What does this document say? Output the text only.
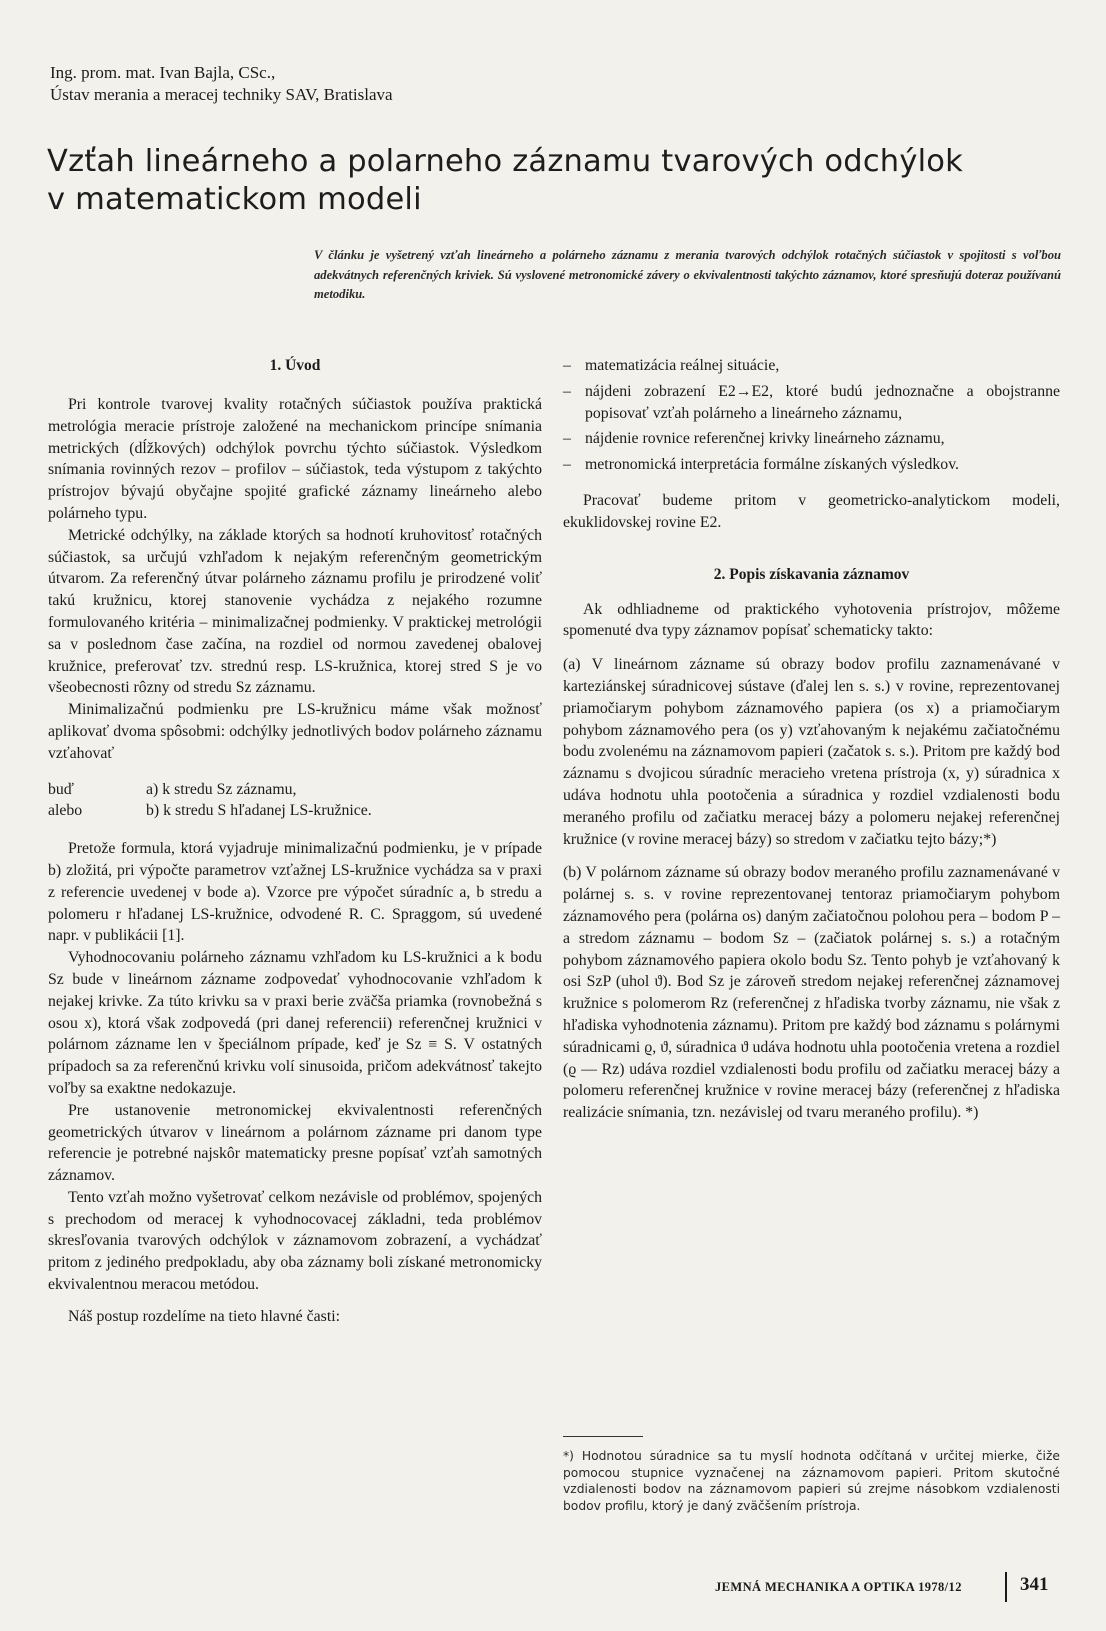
Ing. prom. mat. Ivan Bajla, CSc.,
Ústav merania a meracej techniky SAV, Bratislava
Vzťah lineárneho a polarneho záznamu tvarových odchýlok
v matematickom modeli
V článku je vyšetrený vzťah lineárneho a polárneho záznamu z merania tvarových odchýlok rotačných súčiastok v spojitosti s voľbou adekvátnych referenčných kriviek. Sú vyslovené metronomické závery o ekvivalentnosti takýchto záznamov, ktoré spresňujú doteraz používanú metodiku.
1. Úvod

Pri kontrole tvarovej kvality rotačných súčiastok používa praktická metrológia meracie prístroje založené na mechanickom princípe snímania metrických (dĺžkových) odchýlok povrchu týchto súčiastok. Výsledkom snímania rovinných rezov – profilov – súčiastok, teda výstupom z takýchto prístrojov bývajú obyčajne spojité grafické záznamy lineárneho alebo polárneho typu.

Metrické odchýlky, na základe ktorých sa hodnotí kruhovitosť rotačných súčiastok, sa určujú vzhľadom k nejakým referenčným geometrickým útvarom. Za referenčný útvar polárneho záznamu profilu je prirodzené voliť takú kružnicu, ktorej stanovenie vychádza z nejakého rozumne formulovaného kritéria – minimalizačnej podmienky. V praktickej metrológii sa v poslednom čase začína, na rozdiel od normou zavedenej obalovej kružnice, preferovať tzv. strednú resp. LS-kružnica, ktorej stred S je vo všeobecnosti rôzny od stredu Sz záznamu.

Minimalizačnú podmienku pre LS-kružnicu máme však možnosť aplikovať dvoma spôsobmi: odchýlky jednotlivých bodov polárneho záznamu vzťahovať

buď	a) k stredu Sz záznamu,
alebo	b) k stredu S hľadanej LS-kružnice.

Pretože formula, ktorá vyjadruje minimalizačnú podmienku, je v prípade b) zložitá, pri výpočte parametrov vzťažnej LS-kružnice vychádza sa v praxi z referencie uvedenej v bode a). Vzorce pre výpočet súradníc a, b stredu a polomeru r hľadanej LS-kružnice, odvodené R. C. Spraggom, sú uvedené napr. v publikácii [1].

Vyhodnocovaniu polárneho záznamu vzhľadom ku LS-kružnici a k bodu Sz bude v lineárnom zázname zodpovedať vyhodnocovanie vzhľadom k nejakej krivke. Za túto krivku sa v praxi berie zväčša priamka (rovnobežná s osou x), ktorá však zodpovedá (pri danej referencii) referenčnej kružnici v polárnom zázname len v špeciálnom prípade, keď je Sz ≡ S. V ostatných prípadoch sa za referenčnú krivku volí sinusoida, pričom adekvátnosť takejto voľby sa exaktne nedokazuje.

Pre ustanovenie metronomickej ekvivalentnosti referenčných geometrických útvarov v lineárnom a polárnom zázname pri danom type referencie je potrebné najskôr matematicky presne popísať vzťah samotných záznamov.

Tento vzťah možno vyšetrovať celkom nezávisle od problémov, spojených s prechodom od meracej k vyhodnocovacej základni, teda problémov skresľovania tvarových odchýlok v záznamovom zobrazení, a vychádzať pritom z jediného predpokladu, aby oba záznamy boli získané metronomicky ekvivalentnou meracou metódou.

Náš postup rozdelíme na tieto hlavné časti:

– matematizácia reálnej situácie,
– nájdeni zobrazení E2→E2, ktoré budú jednoznačne a obojstranne popisovať vzťah polárneho a lineárneho záznamu,
– nájdenie rovnice referenčnej krivky lineárneho záznamu,
– metronomická interpretácia formálne získaných výsledkov.

Pracovať budeme pritom v geometricko-analytickom modeli, ekuklidovskej rovine E2.

2. Popis získavania záznamov

Ak odhliadneme od praktického vyhotovenia prístrojov, môžeme spomenuté dva typy záznamov popísať schematicky takto:

(a) V lineárnom zázname sú obrazy bodov profilu zaznamenávané v karteziánskej súradnicovej sústave (ďalej len s. s.) v rovine, reprezentovanej priamočiarym pohybom záznamového papiera (os x) a priamočiarym pohybom záznamového pera (os y) vzťahovaným k nejakému začiatočnému bodu zvolenému na záznamovom papieri (začatok s. s.). Pritom pre každý bod záznamu s dvojicou súradníc meracieho vretena prístroja (x, y) súradnica x udáva hodnotu uhla pootočenia a súradnica y rozdiel vzdialenosti bodu meraného profilu od začiatku meracej bázy a polomeru nejakej referenčnej kružnice (v rovine meracej bázy) so stredom v začiatku tejto bázy;*)

(b) V polárnom zázname sú obrazy bodov meraného profilu zaznamenávané v polárnej s. s. v rovine reprezentovanej tentoraz priamočiarym pohybom záznamového pera (polárna os) daným začiatočnou polohou pera – bodom P – a stredom záznamu – bodom Sz – (začiatok polárnej s. s.) a rotačným pohybom záznamového papiera okolo bodu Sz. Tento pohyb je vzťahovaný k osi SzP (uhol ϑ). Bod Sz je zároveň stredom nejakej referenčnej záznamovej kružnice s polomerom Rz (referenčnej z hľadiska tvorby záznamu, nie však z hľadiska vyhodnotenia záznamu). Pritom pre každý bod záznamu s polárnymi súradnicami ϱ, ϑ, súradnica ϑ udáva hodnotu uhla pootočenia vretena a rozdiel (ϱ — Rz) udáva rozdiel vzdialenosti bodu profilu od začiatku meracej bázy a polomeru referenčnej kružnice v rovine meracej bázy (referenčnej z hľadiska realizácie snímania, tzn. nezávislej od tvaru meraného profilu). *)

*) Hodnotou súradnice sa tu myslí hodnota odčítaná v určitej mierke, čiže pomocou stupnice vyznačenej na záznamovom papieri. Pritom skutočné vzdialenosti bodov na záznamovom papieri sú zrejme násobkom vzdialenosti bodov profilu, ktorý je daný zväčšením prístroja.
JEMNÁ MECHANIKA A OPTIKA 1978/12	341
